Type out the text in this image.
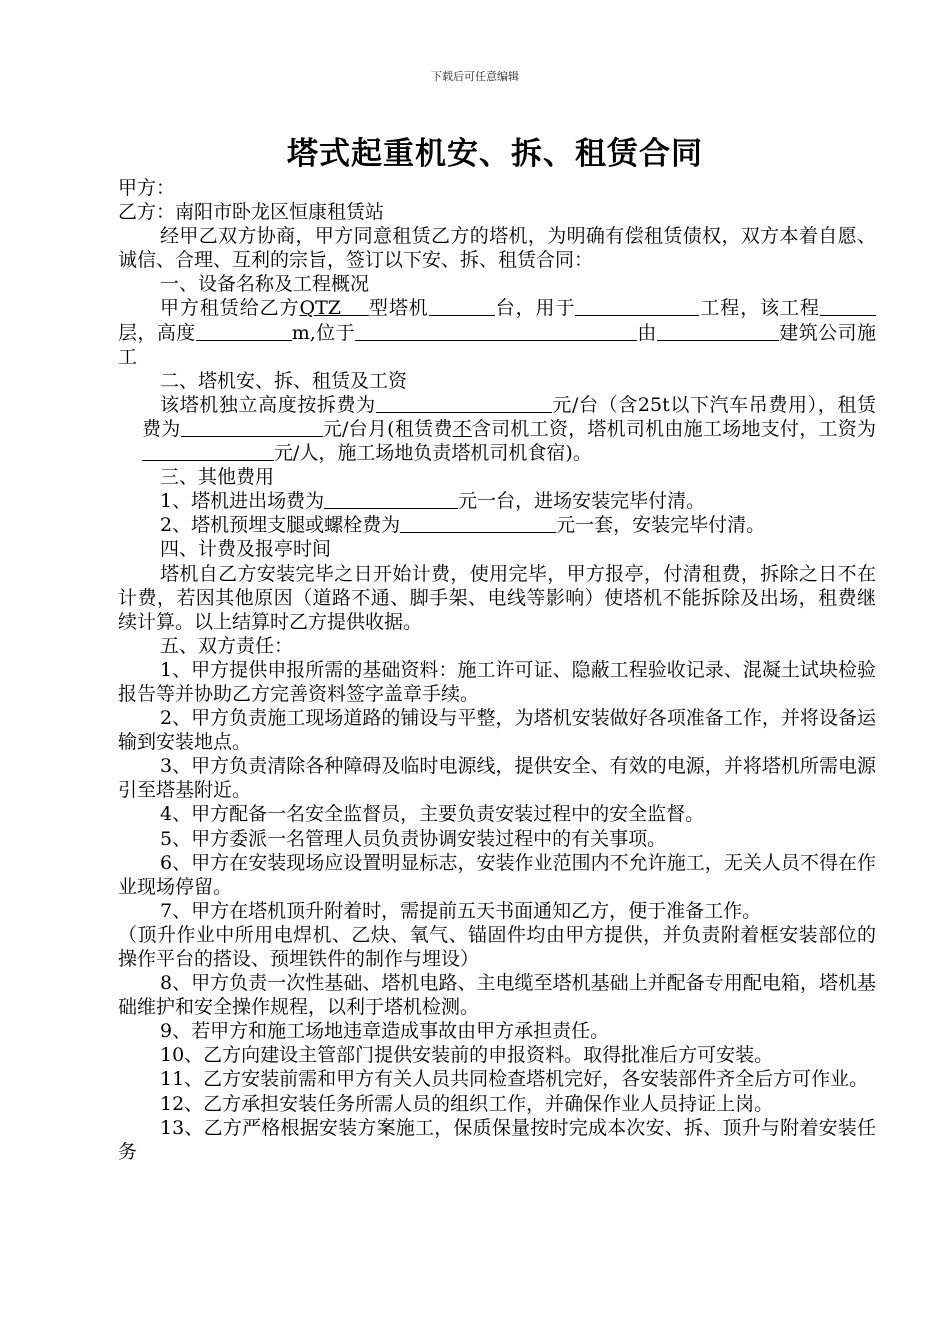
下载后可任意编辑
塔式起重机安、拆、租赁合同

甲方：

乙方：南阳市卧龙区恒康租赁站

经甲乙双方协商，甲方同意租赁乙方的塔机，为明确有偿租赁债权，双方本着自愿、诚信、合理、互利的宗旨，签订以下安、拆、租赁合同：

一、设备名称及工程概况

甲方租赁给乙方QTZ 型塔机	台，用于	工程，该工程层，高度	m,位于	由	建筑公司施工

二、塔机安、拆、租赁及工资

该塔机独立高度按拆费为	元/台（含25t以下汽车吊费用），租赁费为	元/台月(租赁费不含司机工资，塔机司机由施工场地支付，工资为元/人，施工场地负责塔机司机食宿)。

三、其他费用

1、塔机进出场费为	元一台，进场安装完毕付清。

2、塔机预埋支腿或螺栓费为	元一套，安装完毕付清。

四、计费及报亭时间

塔机自乙方安装完毕之日开始计费，使用完毕，甲方报亭，付清租费，拆除之日不在计费，若因其他原因（道路不通、脚手架、电线等影响）使塔机不能拆除及出场，租费继续计算。以上结算时乙方提供收据。

五、双方责任：

1、甲方提供申报所需的基础资料：施工许可证、隐蔽工程验收记录、混凝土试块检验报告等并协助乙方完善资料签字盖章手续。

2、甲方负责施工现场道路的铺设与平整，为塔机安装做好各项准备工作，并将设备运输到安装地点。

3、甲方负责清除各种障碍及临时电源线，提供安全、有效的电源，并将塔机所需电源引至塔基附近。

4、甲方配备一名安全监督员，主要负责安装过程中的安全监督。

5、甲方委派一名管理人员负责协调安装过程中的有关事项。

6、甲方在安装现场应设置明显标志，安装作业范围内不允许施工，无关人员不得在作业现场停留。

7、甲方在塔机顶升附着时，需提前五天书面通知乙方，便于准备工作。

（顶升作业中所用电焊机、乙炔、氧气、锚固件均由甲方提供，并负责附着框安装部位的操作平台的搭设、预埋铁件的制作与埋设）

8、甲方负责一次性基础、塔机电路、主电缆至塔机基础上并配备专用配电箱，塔机基础维护和安全操作规程，以利于塔机检测。

9、若甲方和施工场地违章造成事故由甲方承担责任。

10、乙方向建设主管部门提供安装前的申报资料。取得批准后方可安装。

11、乙方安装前需和甲方有关人员共同检查塔机完好，各安装部件齐全后方可作业。

12、乙方承担安装任务所需人员的组织工作，并确保作业人员持证上岗。

13、乙方严格根据安装方案施工，保质保量按时完成本次安、拆、顶升与附着安装任务
